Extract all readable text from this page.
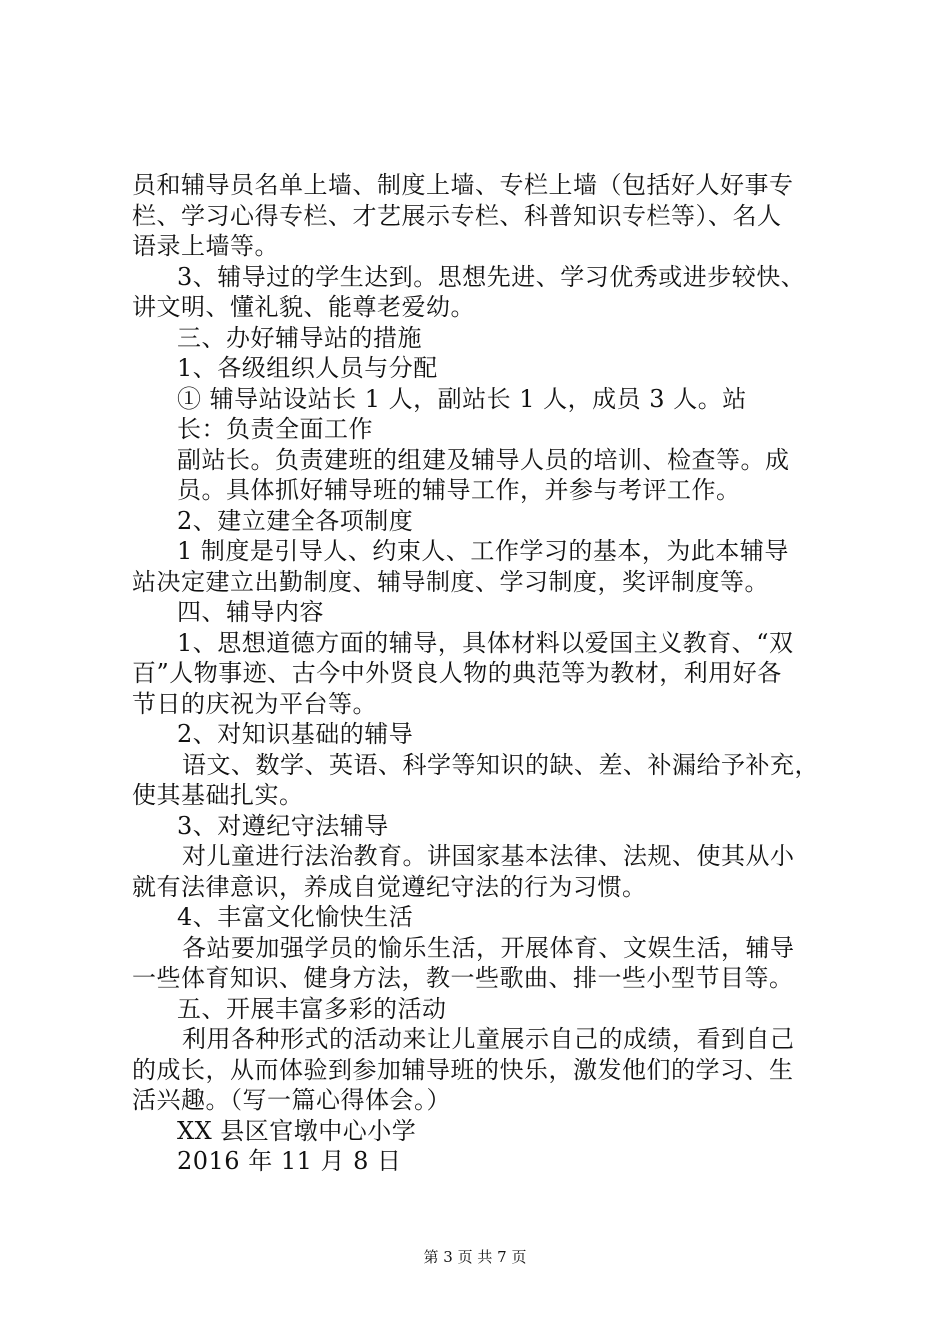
员和辅导员名单上墙、制度上墙、专栏上墙（包括好人好事专
栏、学习心得专栏、才艺展示专栏、科普知识专栏等）、名人
语录上墙等。
3、辅导过的学生达到。思想先进、学习优秀或进步较快、
讲文明、懂礼貌、能尊老爱幼。
三、办好辅导站的措施
1、各级组织人员与分配
① 辅导站设站长 1 人，副站长 1 人，成员 3 人。站
长：负责全面工作
副站长。负责建班的组建及辅导人员的培训、检查等。成
员。具体抓好辅导班的辅导工作，并参与考评工作。
2、建立建全各项制度
1 制度是引导人、约束人、工作学习的基本，为此本辅导
站决定建立出勤制度、辅导制度、学习制度，奖评制度等。
四、辅导内容
1、思想道德方面的辅导，具体材料以爱国主义教育、“双
百”人物事迹、古今中外贤良人物的典范等为教材，利用好各
节日的庆祝为平台等。
2、对知识基础的辅导
语文、数学、英语、科学等知识的缺、差、补漏给予补充，
使其基础扎实。
3、对遵纪守法辅导
对儿童进行法治教育。讲国家基本法律、法规、使其从小
就有法律意识，养成自觉遵纪守法的行为习惯。
4、丰富文化愉快生活
各站要加强学员的愉乐生活，开展体育、文娱生活，辅导
一些体育知识、健身方法，教一些歌曲、排一些小型节目等。
五、开展丰富多彩的活动
利用各种形式的活动来让儿童展示自己的成绩，看到自己
的成长，从而体验到参加辅导班的快乐，激发他们的学习、生
活兴趣。（写一篇心得体会。）
XX 县区官墩中心小学
2016 年 11 月 8 日
第 3 页 共 7 页
